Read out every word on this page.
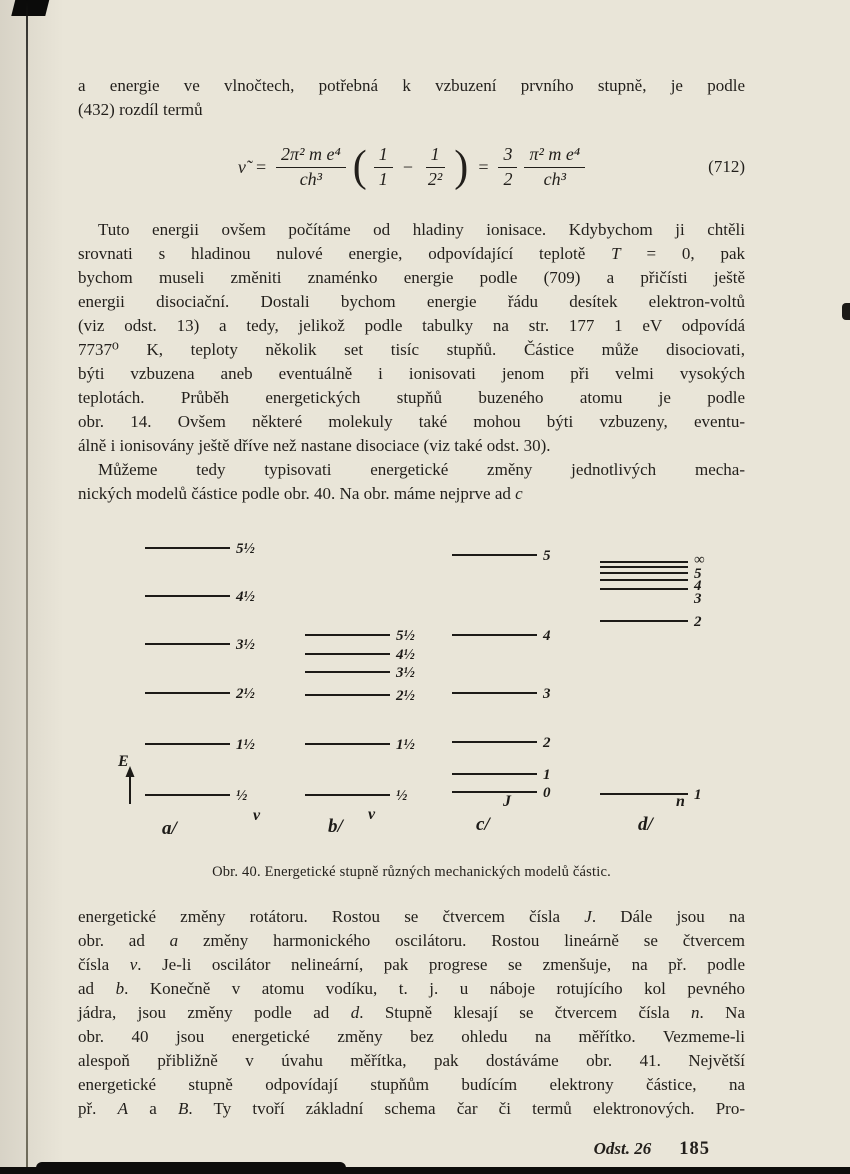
a energie ve vlnočtech, potřebná k vzbuzení prvního stupně, je podle
(432) rozdíl termů
ν̃ = $\frac{\text{2π² m e⁴}}{\text{ch³}}$ ( $\frac{1}{1} - \frac{1}{\text{2²}}$ ) = $\frac{3}{2} \frac{\text{π² m e⁴}}{\text{ch³}}$	(712)
Tuto energii ovšem počítáme od hladiny ionisace. Kdybychom ji chtěli
srovnati s hladinou nulové energie, odpovídající teplotě T = 0, pak
bychom museli změniti znaménko energie podle (709) a přičísti ještě
energii disociační. Dostali bychom energie řádu desítek elektron-voltů
(viz odst. 13) a tedy, jelikož podle tabulky na str. 177 1 eV odpovídá
7737⁰ K, teploty několik set tisíc stupňů. Částice může disociovati,
býti vzbuzena aneb eventuálně i ionisovati jenom při velmi vysokých
teplotách. Průběh energetických stupňů buzeného atomu je podle
obr. 14. Ovšem některé molekuly také mohou býti vzbuzeny, eventu-
álně i ionisovány ještě dříve než nastane disociace (viz také odst. 30).
Můžeme tedy typisovati energetické změny jednotlivých mecha-
nických modelů částice podle obr. 40. Na obr. máme nejprve ad c
E
5½
4½
3½
2½
1½
½
a/
v
5½
4½
3½
2½
1½
½
b/
v
5
4
3
2
1
0
c/
J
∞
5
4
3
2
1
d/
n
Obr. 40. Energetické stupně různých mechanických modelů částic.
energetické změny rotátoru. Rostou se čtvercem čísla J. Dále jsou na
obr. ad a změny harmonického oscilátoru. Rostou lineárně se čtvercem
čísla v. Je-li oscilátor nelineární, pak progrese se zmenšuje, na př. podle
ad b. Konečně v atomu vodíku, t. j. u náboje rotujícího kol pevného
jádra, jsou změny podle ad d. Stupně klesají se čtvercem čísla n. Na
obr. 40 jsou energetické změny bez ohledu na měřítko. Vezmeme-li
alespoň přibližně v úvahu měřítka, pak dostáváme obr. 41. Největší
energetické stupně odpovídají stupňům budícím elektrony částice, na
př. A a B. Ty tvoří základní schema čar či termů elektronových. Pro-
Odst. 26 185
